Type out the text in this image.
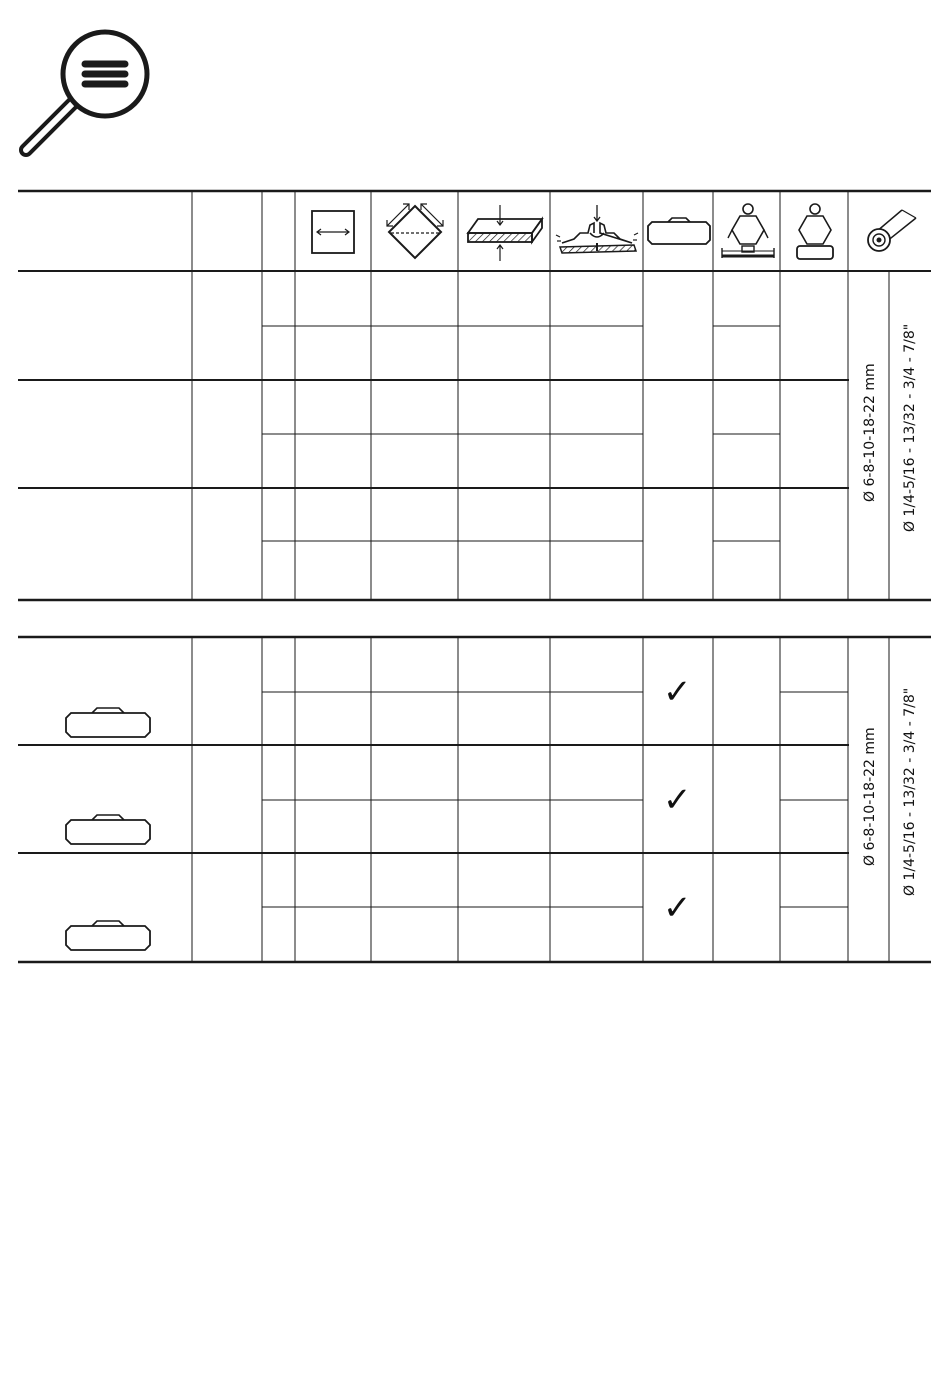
Ø 6-8-10-18-22 mm Ø 1/4-5/16 - 13/32 - 3/4 - 7/8"
✓
✓
✓
Ø 6-8-10-18-22 mm Ø 1/4-5/16 - 13/32 - 3/4 - 7/8"
